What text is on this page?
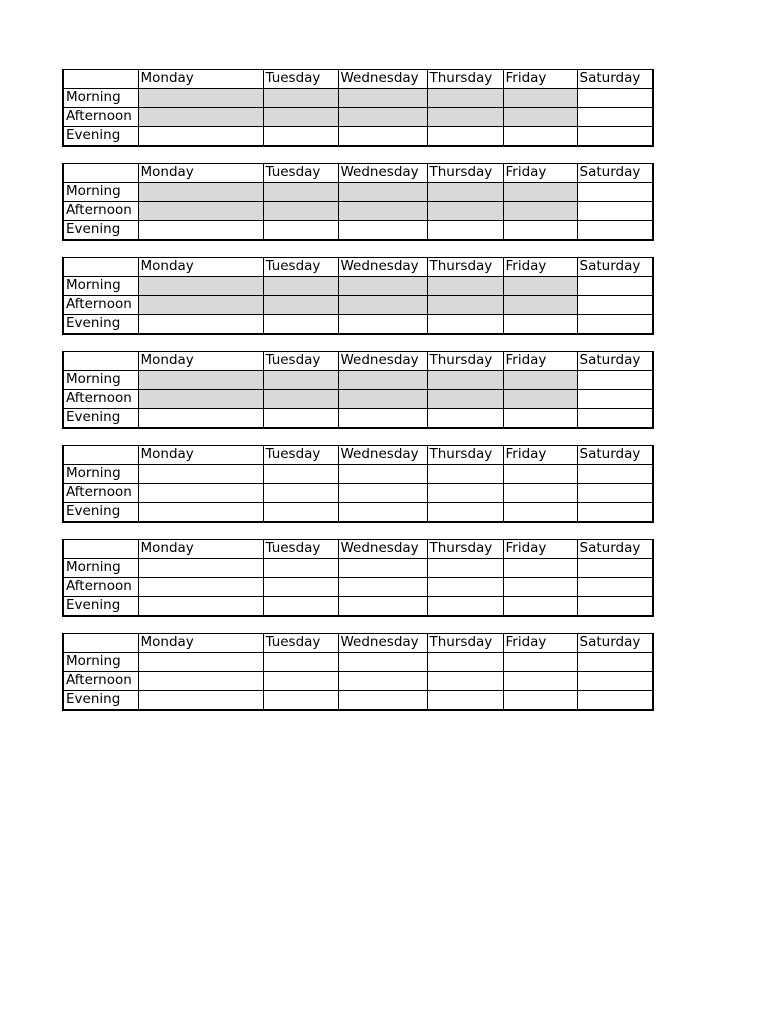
	Monday	Tuesday	Wednesday	Thursday	Friday	Saturday
Morning						
Afternoon						
Evening						
	Monday	Tuesday	Wednesday	Thursday	Friday	Saturday
Morning						
Afternoon						
Evening						
	Monday	Tuesday	Wednesday	Thursday	Friday	Saturday
Morning						
Afternoon						
Evening						
	Monday	Tuesday	Wednesday	Thursday	Friday	Saturday
Morning						
Afternoon						
Evening						
	Monday	Tuesday	Wednesday	Thursday	Friday	Saturday
Morning						
Afternoon						
Evening						
	Monday	Tuesday	Wednesday	Thursday	Friday	Saturday
Morning						
Afternoon						
Evening						
	Monday	Tuesday	Wednesday	Thursday	Friday	Saturday
Morning						
Afternoon						
Evening						
